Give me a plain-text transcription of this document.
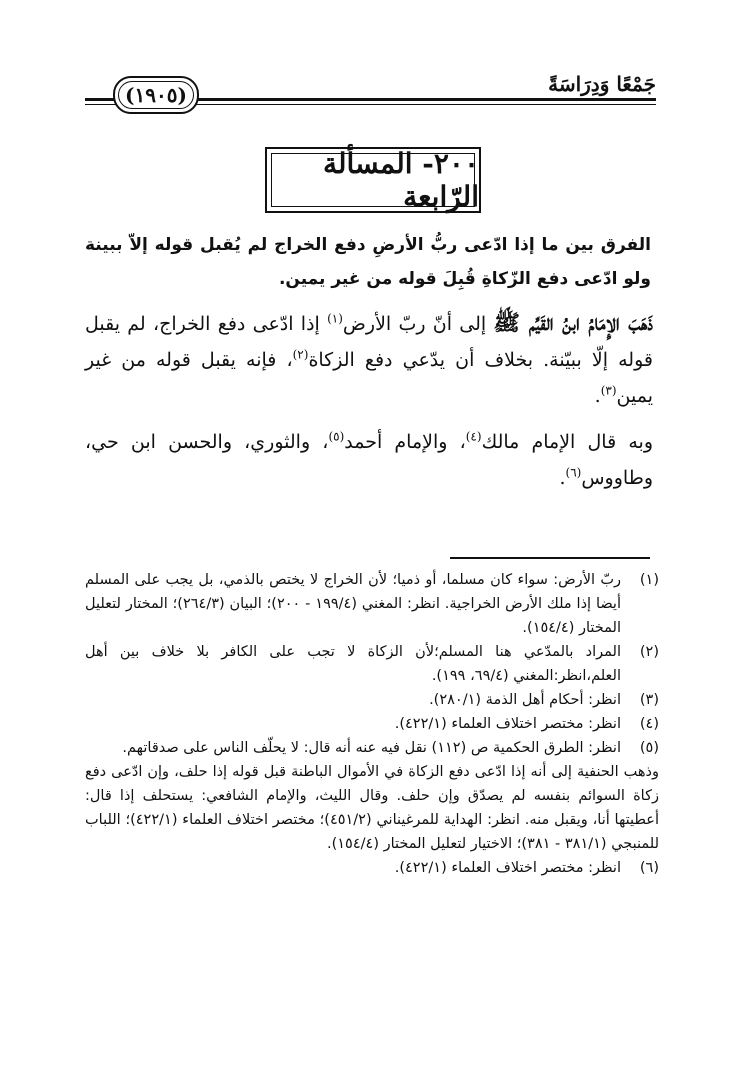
جَمْعًا وَدِرَاسَةً
(١٩٠٥)
٢٠٠- المسألة الرّابعة
الفرق بين ما إذا ادّعى ربُّ الأرضِ دفع الخراج لم يُقبل قوله إلاّ ببينة ولو ادّعى دفع الزّكاةِ قُبِلَ قوله من غير يمين.

ذَهَبَ الإِمَامُ ابنُ القَيِّم ﷺ إلى أنّ ربّ الأرض$^{(١)}$ إذا ادّعى دفع الخراج، لم يقبل قوله إلّا ببيّنة. بخلاف أن يدّعي دفع الزكاة$^{(٢)}$، فإنه يقبل قوله من غير يمين$^{(٣)}$.

وبه قال الإمام مالك$^{(٤)}$، والإمام أحمد$^{(٥)}$، والثوري، والحسن ابن حي، وطاووس$^{(٦)}$.

(١)
ربّ الأرض: سواء كان مسلما، أو ذميا؛ لأن الخراج لا يختص بالذمي، بل يجب على المسلم أيضا إذا ملك الأرض الخراجية. انظر: المغني (١٩٩/٤ - ٢٠٠)؛ البيان (٢٦٤/٣)؛ المختار لتعليل المختار (١٥٤/٤).

(٢)
المراد بالمدّعي هنا المسلم؛لأن الزكاة لا تجب على الكافر بلا خلاف بين أهل العلم،انظر:المغني (٦٩/٤، ١٩٩).

(٣)
انظر: أحكام أهل الذمة (٢٨٠/١).

(٤)
انظر: مختصر اختلاف العلماء (٤٢٢/١).

(٥)
انظر: الطرق الحكمية ص (١١٢) نقل فيه عنه أنه قال: لا يحلّف الناس على صدقاتهم.

وذهب الحنفية إلى أنه إذا ادّعى دفع الزكاة في الأموال الباطنة قبل قوله إذا حلف، وإن ادّعى دفع زكاة السوائم بنفسه لم يصدّق وإن حلف. وقال الليث، والإمام الشافعي: يستحلف إذا قال: أعطيتها أنا، ويقبل منه. انظر: الهداية للمرغيناني (٤٥١/٢)؛ مختصر اختلاف العلماء (٤٢٢/١)؛ اللباب للمنبجي (٣٨١/١ - ٣٨١)؛ الاختيار لتعليل المختار (١٥٤/٤).

(٦)
انظر: مختصر اختلاف العلماء (٤٢٢/١).
